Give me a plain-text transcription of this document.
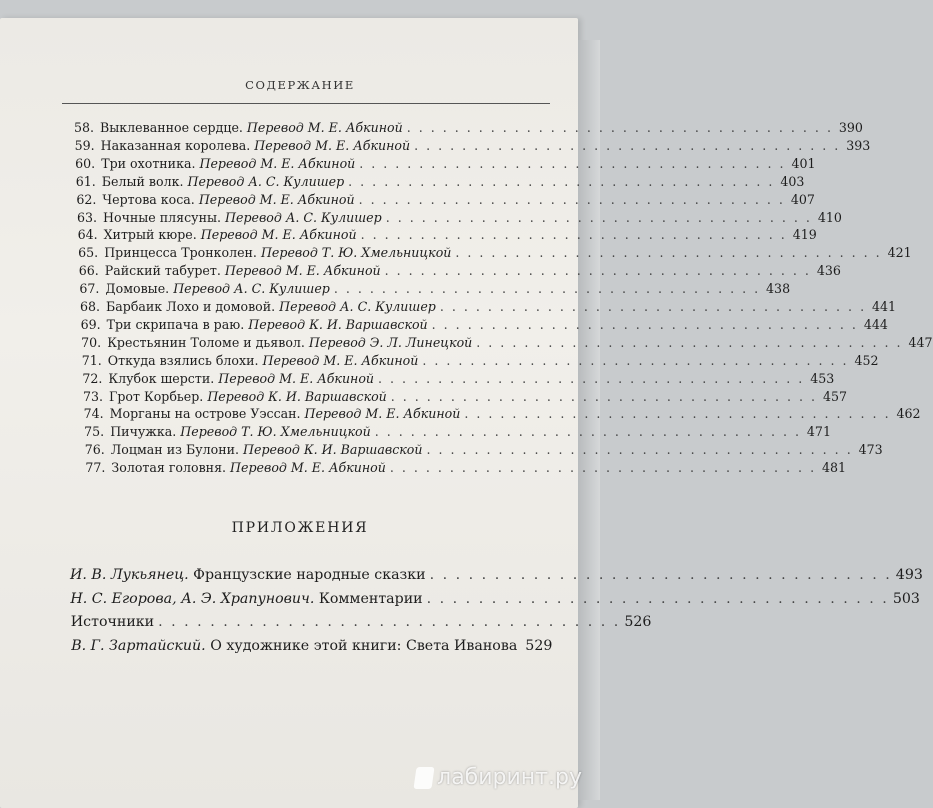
СОДЕРЖАНИЕ
58. Выклеванное сердце. Перевод М. Е. Абкиной . . . . . . . . . . . . . . . . . . . . . . . . . . . . . . . . . . . . 390
59. Наказанная королева. Перевод М. Е. Абкиной . . . . . . . . . . . . . . . . . . . . . . . . . . . . . . . . . . . . 393
60. Три охотника. Перевод М. Е. Абкиной . . . . . . . . . . . . . . . . . . . . . . . . . . . . . . . . . . . . 401
61. Белый волк. Перевод А. С. Кулишер . . . . . . . . . . . . . . . . . . . . . . . . . . . . . . . . . . . . 403
62. Чертова коса. Перевод М. Е. Абкиной . . . . . . . . . . . . . . . . . . . . . . . . . . . . . . . . . . . . 407
63. Ночные плясуны. Перевод А. С. Кулишер . . . . . . . . . . . . . . . . . . . . . . . . . . . . . . . . . . . . 410
64. Хитрый кюре. Перевод М. Е. Абкиной . . . . . . . . . . . . . . . . . . . . . . . . . . . . . . . . . . . . 419
65. Принцесса Тронколен. Перевод Т. Ю. Хмельницкой . . . . . . . . . . . . . . . . . . . . . . . . . . . . . . . . . . . . 421
66. Райский табурет. Перевод М. Е. Абкиной . . . . . . . . . . . . . . . . . . . . . . . . . . . . . . . . . . . . 436
67. Домовые. Перевод А. С. Кулишер . . . . . . . . . . . . . . . . . . . . . . . . . . . . . . . . . . . . 438
68. Барбаик Лохо и домовой. Перевод А. С. Кулишер . . . . . . . . . . . . . . . . . . . . . . . . . . . . . . . . . . . . 441
69. Три скрипача в раю. Перевод К. И. Варшавской . . . . . . . . . . . . . . . . . . . . . . . . . . . . . . . . . . . . 444
70. Крестьянин Толоме и дьявол. Перевод Э. Л. Линецкой . . . . . . . . . . . . . . . . . . . . . . . . . . . . . . . . . . . . 447
71. Откуда взялись блохи. Перевод М. Е. Абкиной . . . . . . . . . . . . . . . . . . . . . . . . . . . . . . . . . . . . 452
72. Клубок шерсти. Перевод М. Е. Абкиной . . . . . . . . . . . . . . . . . . . . . . . . . . . . . . . . . . . . 453
73. Грот Корбьер. Перевод К. И. Варшавской . . . . . . . . . . . . . . . . . . . . . . . . . . . . . . . . . . . . 457
74. Морганы на острове Уэссан. Перевод М. Е. Абкиной . . . . . . . . . . . . . . . . . . . . . . . . . . . . . . . . . . . . 462
75. Пичужка. Перевод Т. Ю. Хмельницкой . . . . . . . . . . . . . . . . . . . . . . . . . . . . . . . . . . . . 471
76. Лоцман из Булони. Перевод К. И. Варшавской . . . . . . . . . . . . . . . . . . . . . . . . . . . . . . . . . . . . 473
77. Золотая головня. Перевод М. Е. Абкиной . . . . . . . . . . . . . . . . . . . . . . . . . . . . . . . . . . . . 481
ПРИЛОЖЕНИЯ
И. В. Лукьянец. Французские народные сказки . . . . . . . . . . . . . . . . . . . . . . . . . . . . . . . . . . . . 493
Н. С. Егорова, А. Э. Храпунович. Комментарии . . . . . . . . . . . . . . . . . . . . . . . . . . . . . . . . . . . . 503
Источники . . . . . . . . . . . . . . . . . . . . . . . . . . . . . . . . . . . . 526
В. Г. Зартайский. О художнике этой книги: Света Иванова 529
лабиринт.ру
